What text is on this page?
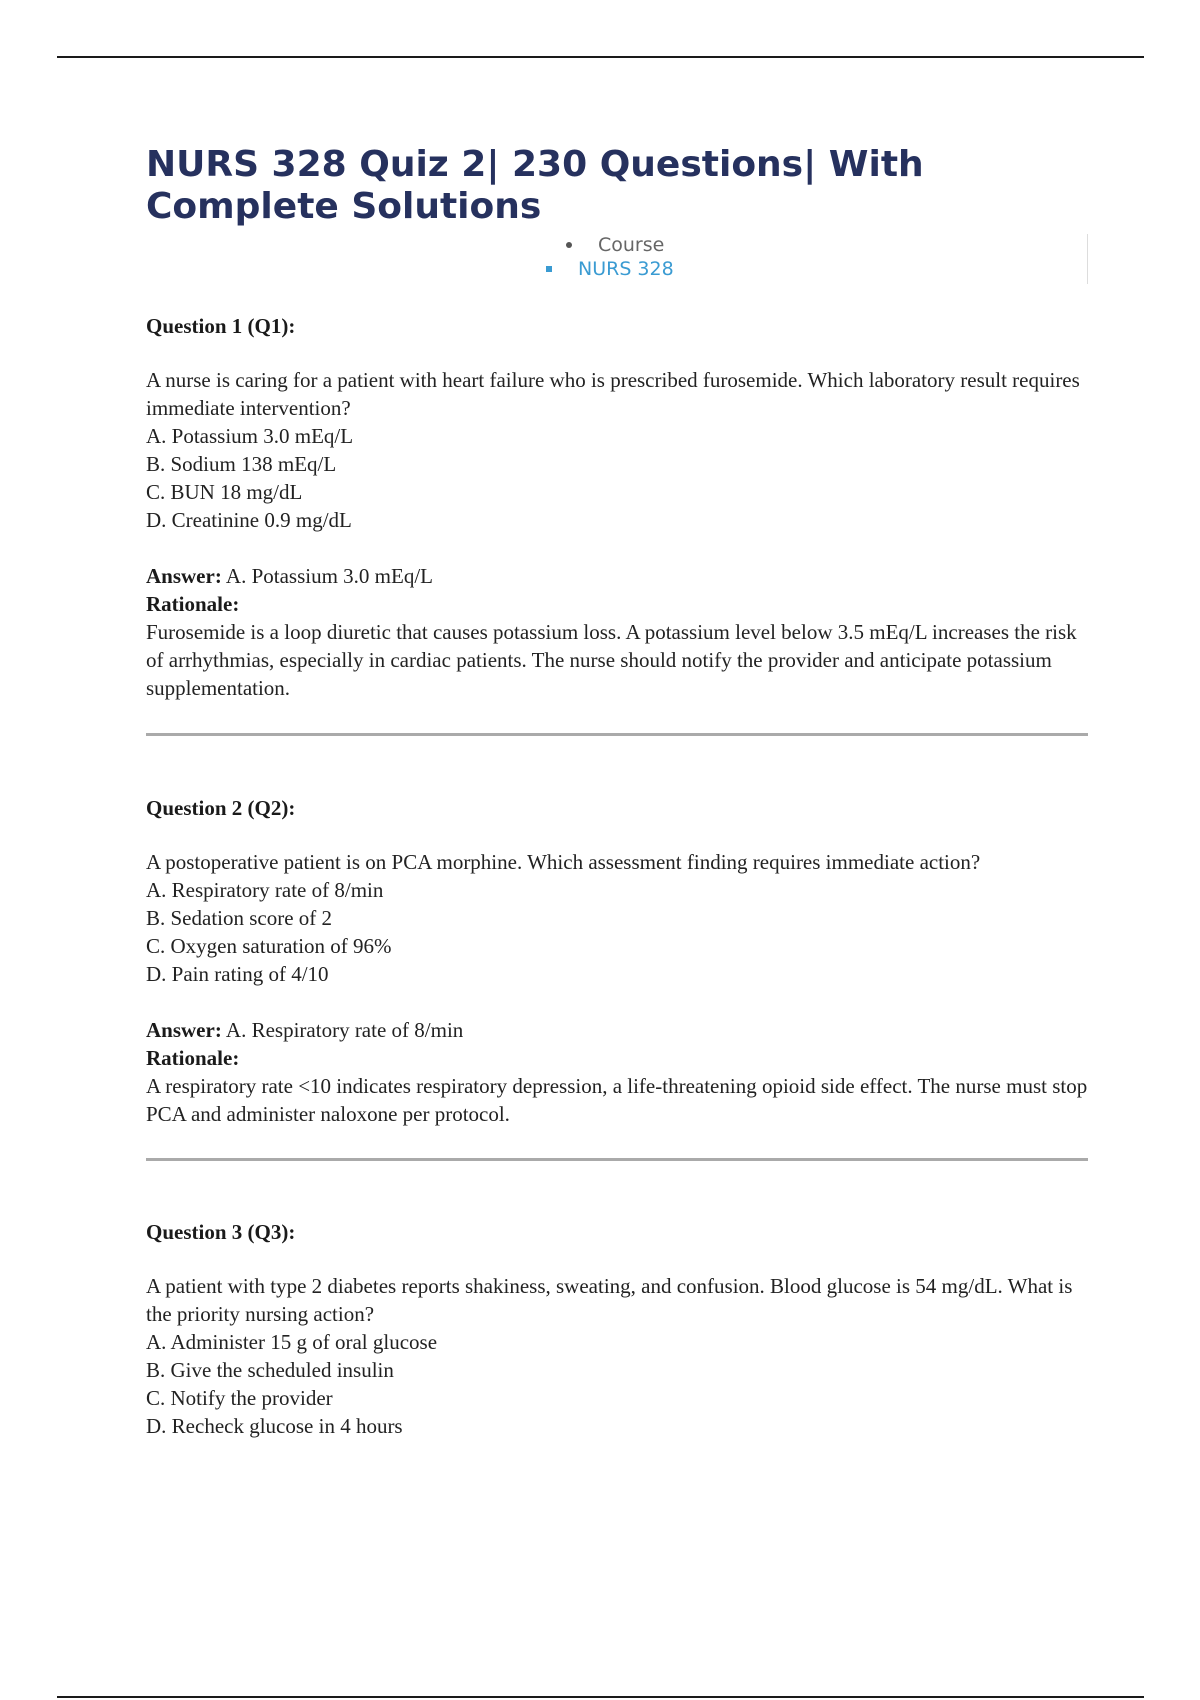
NURS 328 Quiz 2| 230 Questions| With Complete Solutions
Course
NURS 328

Question 1 (Q1):

A nurse is caring for a patient with heart failure who is prescribed furosemide. Which laboratory result requires immediate intervention?

A. Potassium 3.0 mEq/L
B. Sodium 138 mEq/L
C. BUN 18 mg/dL
D. Creatinine 0.9 mg/dL

Answer: A. Potassium 3.0 mEq/L

Rationale:

Furosemide is a loop diuretic that causes potassium loss. A potassium level below 3.5 mEq/L increases the risk of arrhythmias, especially in cardiac patients. The nurse should notify the provider and anticipate potassium supplementation.

Question 2 (Q2):

A postoperative patient is on PCA morphine. Which assessment finding requires immediate action?

A. Respiratory rate of 8/min
B. Sedation score of 2
C. Oxygen saturation of 96%
D. Pain rating of 4/10

Answer: A. Respiratory rate of 8/min

Rationale:

A respiratory rate <10 indicates respiratory depression, a life-threatening opioid side effect. The nurse must stop PCA and administer naloxone per protocol.

Question 3 (Q3):

A patient with type 2 diabetes reports shakiness, sweating, and confusion. Blood glucose is 54 mg/dL. What is the priority nursing action?

A. Administer 15 g of oral glucose
B. Give the scheduled insulin
C. Notify the provider
D. Recheck glucose in 4 hours
